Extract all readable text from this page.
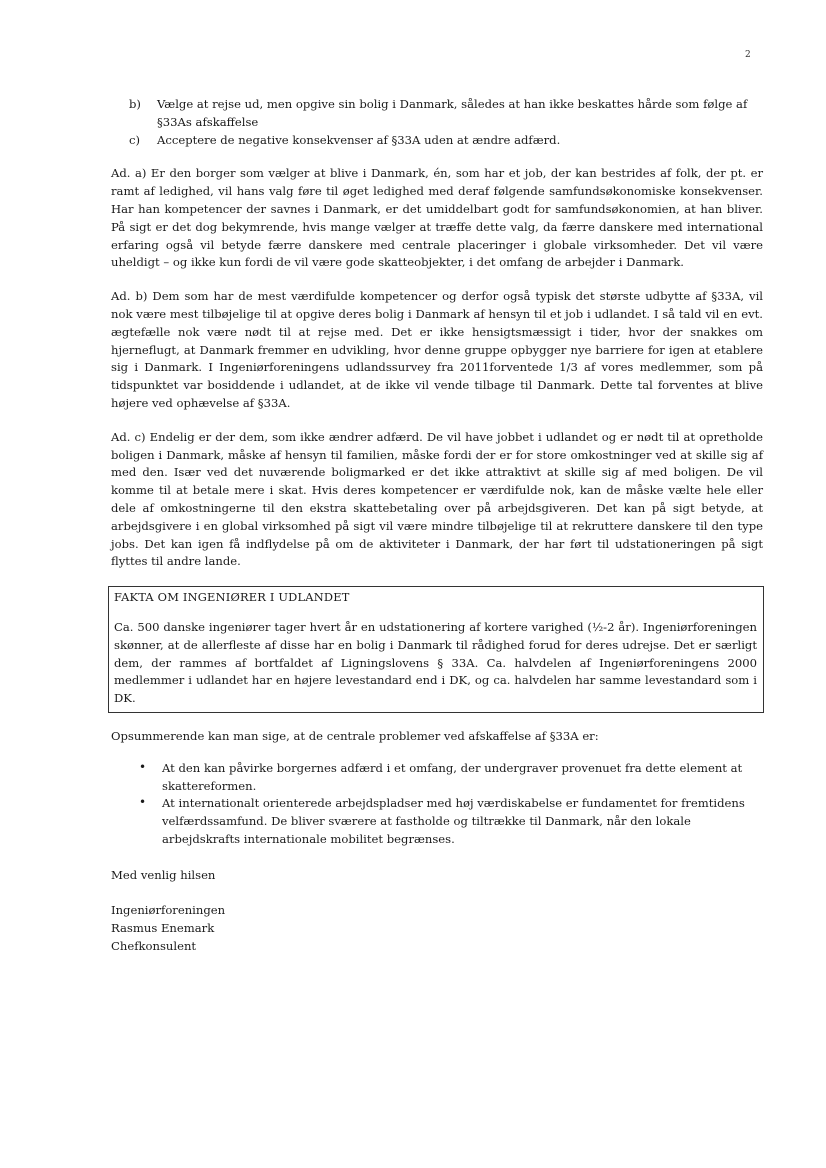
2
b) Vælge at rejse ud, men opgive sin bolig i Danmark, således at han ikke beskattes hårde som følge af §33As afskaffelse
c) Acceptere de negative konsekvenser af §33A uden at ændre adfærd.

Ad. a) Er den borger som vælger at blive i Danmark, én, som har et job, der kan bestrides af folk, der pt. er ramt af ledighed, vil hans valg føre til øget ledighed med deraf følgende samfundsøkonomiske konsekvenser. Har han kompetencer der savnes i Danmark, er det umiddelbart godt for samfundsøkonomien, at han bliver. På sigt er det dog bekymrende, hvis mange vælger at træffe dette valg, da færre danskere med international erfaring også vil betyde færre danskere med centrale placeringer i globale virksomheder. Det vil være uheldigt – og ikke kun fordi de vil være gode skatteobjekter, i det omfang de arbejder i Danmark.

Ad. b) Dem som har de mest værdifulde kompetencer og derfor også typisk det største udbytte af §33A, vil nok være mest tilbøjelige til at opgive deres bolig i Danmark af hensyn til et job i udlandet. I så tald vil en evt. ægtefælle nok være nødt til at rejse med. Det er ikke hensigtsmæssigt i tider, hvor der snakkes om hjerneflugt, at Danmark fremmer en udvikling, hvor denne gruppe opbygger nye barriere for igen at etablere sig i Danmark. I Ingeniørforeningens udlandssurvey fra 2011forventede 1/3 af vores medlemmer, som på tidspunktet var bosiddende i udlandet, at de ikke vil vende tilbage til Danmark. Dette tal forventes at blive højere ved ophævelse af §33A.

Ad. c) Endelig er der dem, som ikke ændrer adfærd. De vil have jobbet i udlandet og er nødt til at opretholde boligen i Danmark, måske af hensyn til familien, måske fordi der er for store omkostninger ved at skille sig af med den. Især ved det nuværende boligmarked er det ikke attraktivt at skille sig af med boligen. De vil komme til at betale mere i skat. Hvis deres kompetencer er værdifulde nok, kan de måske vælte hele eller dele af omkostningerne til den ekstra skattebetaling over på arbejdsgiveren. Det kan på sigt betyde, at arbejdsgivere i en global virksomhed på sigt vil være mindre tilbøjelige til at rekruttere danskere til den type jobs. Det kan igen få indflydelse på om de aktiviteter i Danmark, der har ført til udstationeringen på sigt flyttes til andre lande.

FAKTA OM INGENIØRER I UDLANDET

Ca. 500 danske ingeniører tager hvert år en udstationering af kortere varighed (½-2 år). Ingeniørforeningen skønner, at de allerfleste af disse har en bolig i Danmark til rådighed forud for deres udrejse. Det er særligt dem, der rammes af bortfaldet af Ligningslovens § 33A. Ca. halvdelen af Ingeniørforeningens 2000 medlemmer i udlandet har en højere levestandard end i DK, og ca. halvdelen har samme levestandard som i DK.

Opsummerende kan man sige, at de centrale problemer ved afskaffelse af §33A er:

• At den kan påvirke borgernes adfærd i et omfang, der undergraver provenuet fra dette element at skattereformen.
• At internationalt orienterede arbejdspladser med høj værdiskabelse er fundamentet for fremtidens velfærdssamfund. De bliver sværere at fastholde og tiltrække til Danmark, når den lokale arbejdskrafts internationale mobilitet begrænses.

Med venlig hilsen

Ingeniørforeningen

Rasmus Enemark

Chefkonsulent
